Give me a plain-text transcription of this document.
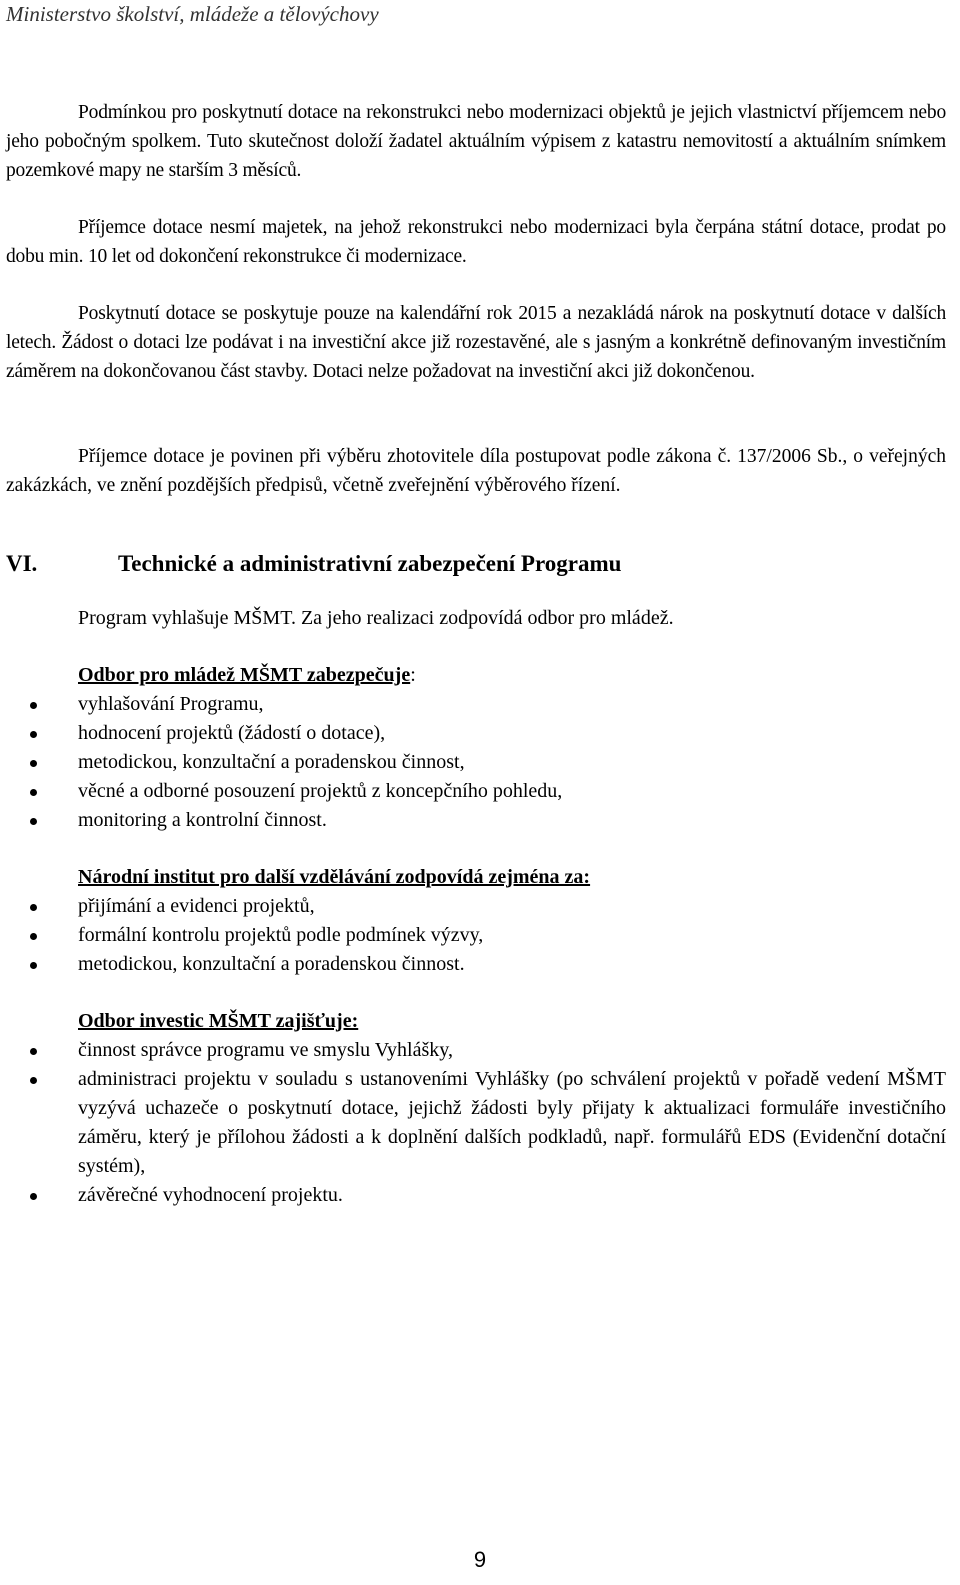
Ministerstvo školství, mládeže a tělovýchovy

Podmínkou pro poskytnutí dotace na rekonstrukci nebo modernizaci objektů je jejich vlastnictví příjemcem nebo jeho pobočným spolkem. Tuto skutečnost doloží žadatel aktuálním výpisem z katastru nemovitostí a aktuálním snímkem pozemkové mapy ne starším 3 měsíců.

Příjemce dotace nesmí majetek, na jehož rekonstrukci nebo modernizaci byla čerpána státní dotace, prodat po dobu min. 10 let od dokončení rekonstrukce či modernizace.

Poskytnutí dotace se poskytuje pouze na kalendářní rok 2015 a nezakládá nárok na poskytnutí dotace v dalších letech. Žádost o dotaci lze podávat i na investiční akce již rozestavěné, ale s jasným a konkrétně definovaným investičním záměrem na dokončovanou část stavby. Dotaci nelze požadovat na investiční akci již dokončenou.

Příjemce dotace je povinen při výběru zhotovitele díla postupovat podle zákona č. 137/2006 Sb., o veřejných zakázkách, ve znění pozdějších předpisů, včetně zveřejnění výběrového řízení.

VI.	Technické a administrativní zabezpečení Programu

Program vyhlašuje MŠMT. Za jeho realizaci zodpovídá odbor pro mládež.

Odbor pro mládež MŠMT zabezpečuje:

vyhlašování Programu,
hodnocení projektů (žádostí o dotace),
metodickou, konzultační a poradenskou činnost,
věcné a odborné posouzení projektů z koncepčního pohledu,
monitoring a kontrolní činnost.

Národní institut pro další vzdělávání zodpovídá zejména za:

přijímání a evidenci projektů,
formální kontrolu projektů podle podmínek výzvy,
metodickou, konzultační a poradenskou činnost.

Odbor investic MŠMT zajišťuje:

činnost správce programu ve smyslu Vyhlášky,
administraci projektu v souladu s ustanoveními Vyhlášky (po schválení projektů v pořadě vedení MŠMT vyzývá uchazeče o poskytnutí dotace, jejichž žádosti byly přijaty k aktualizaci formuláře investičního záměru, který je přílohou žádosti a k doplnění dalších podkladů, např. formulářů EDS (Evidenční dotační systém),
závěrečné vyhodnocení projektu.
9
